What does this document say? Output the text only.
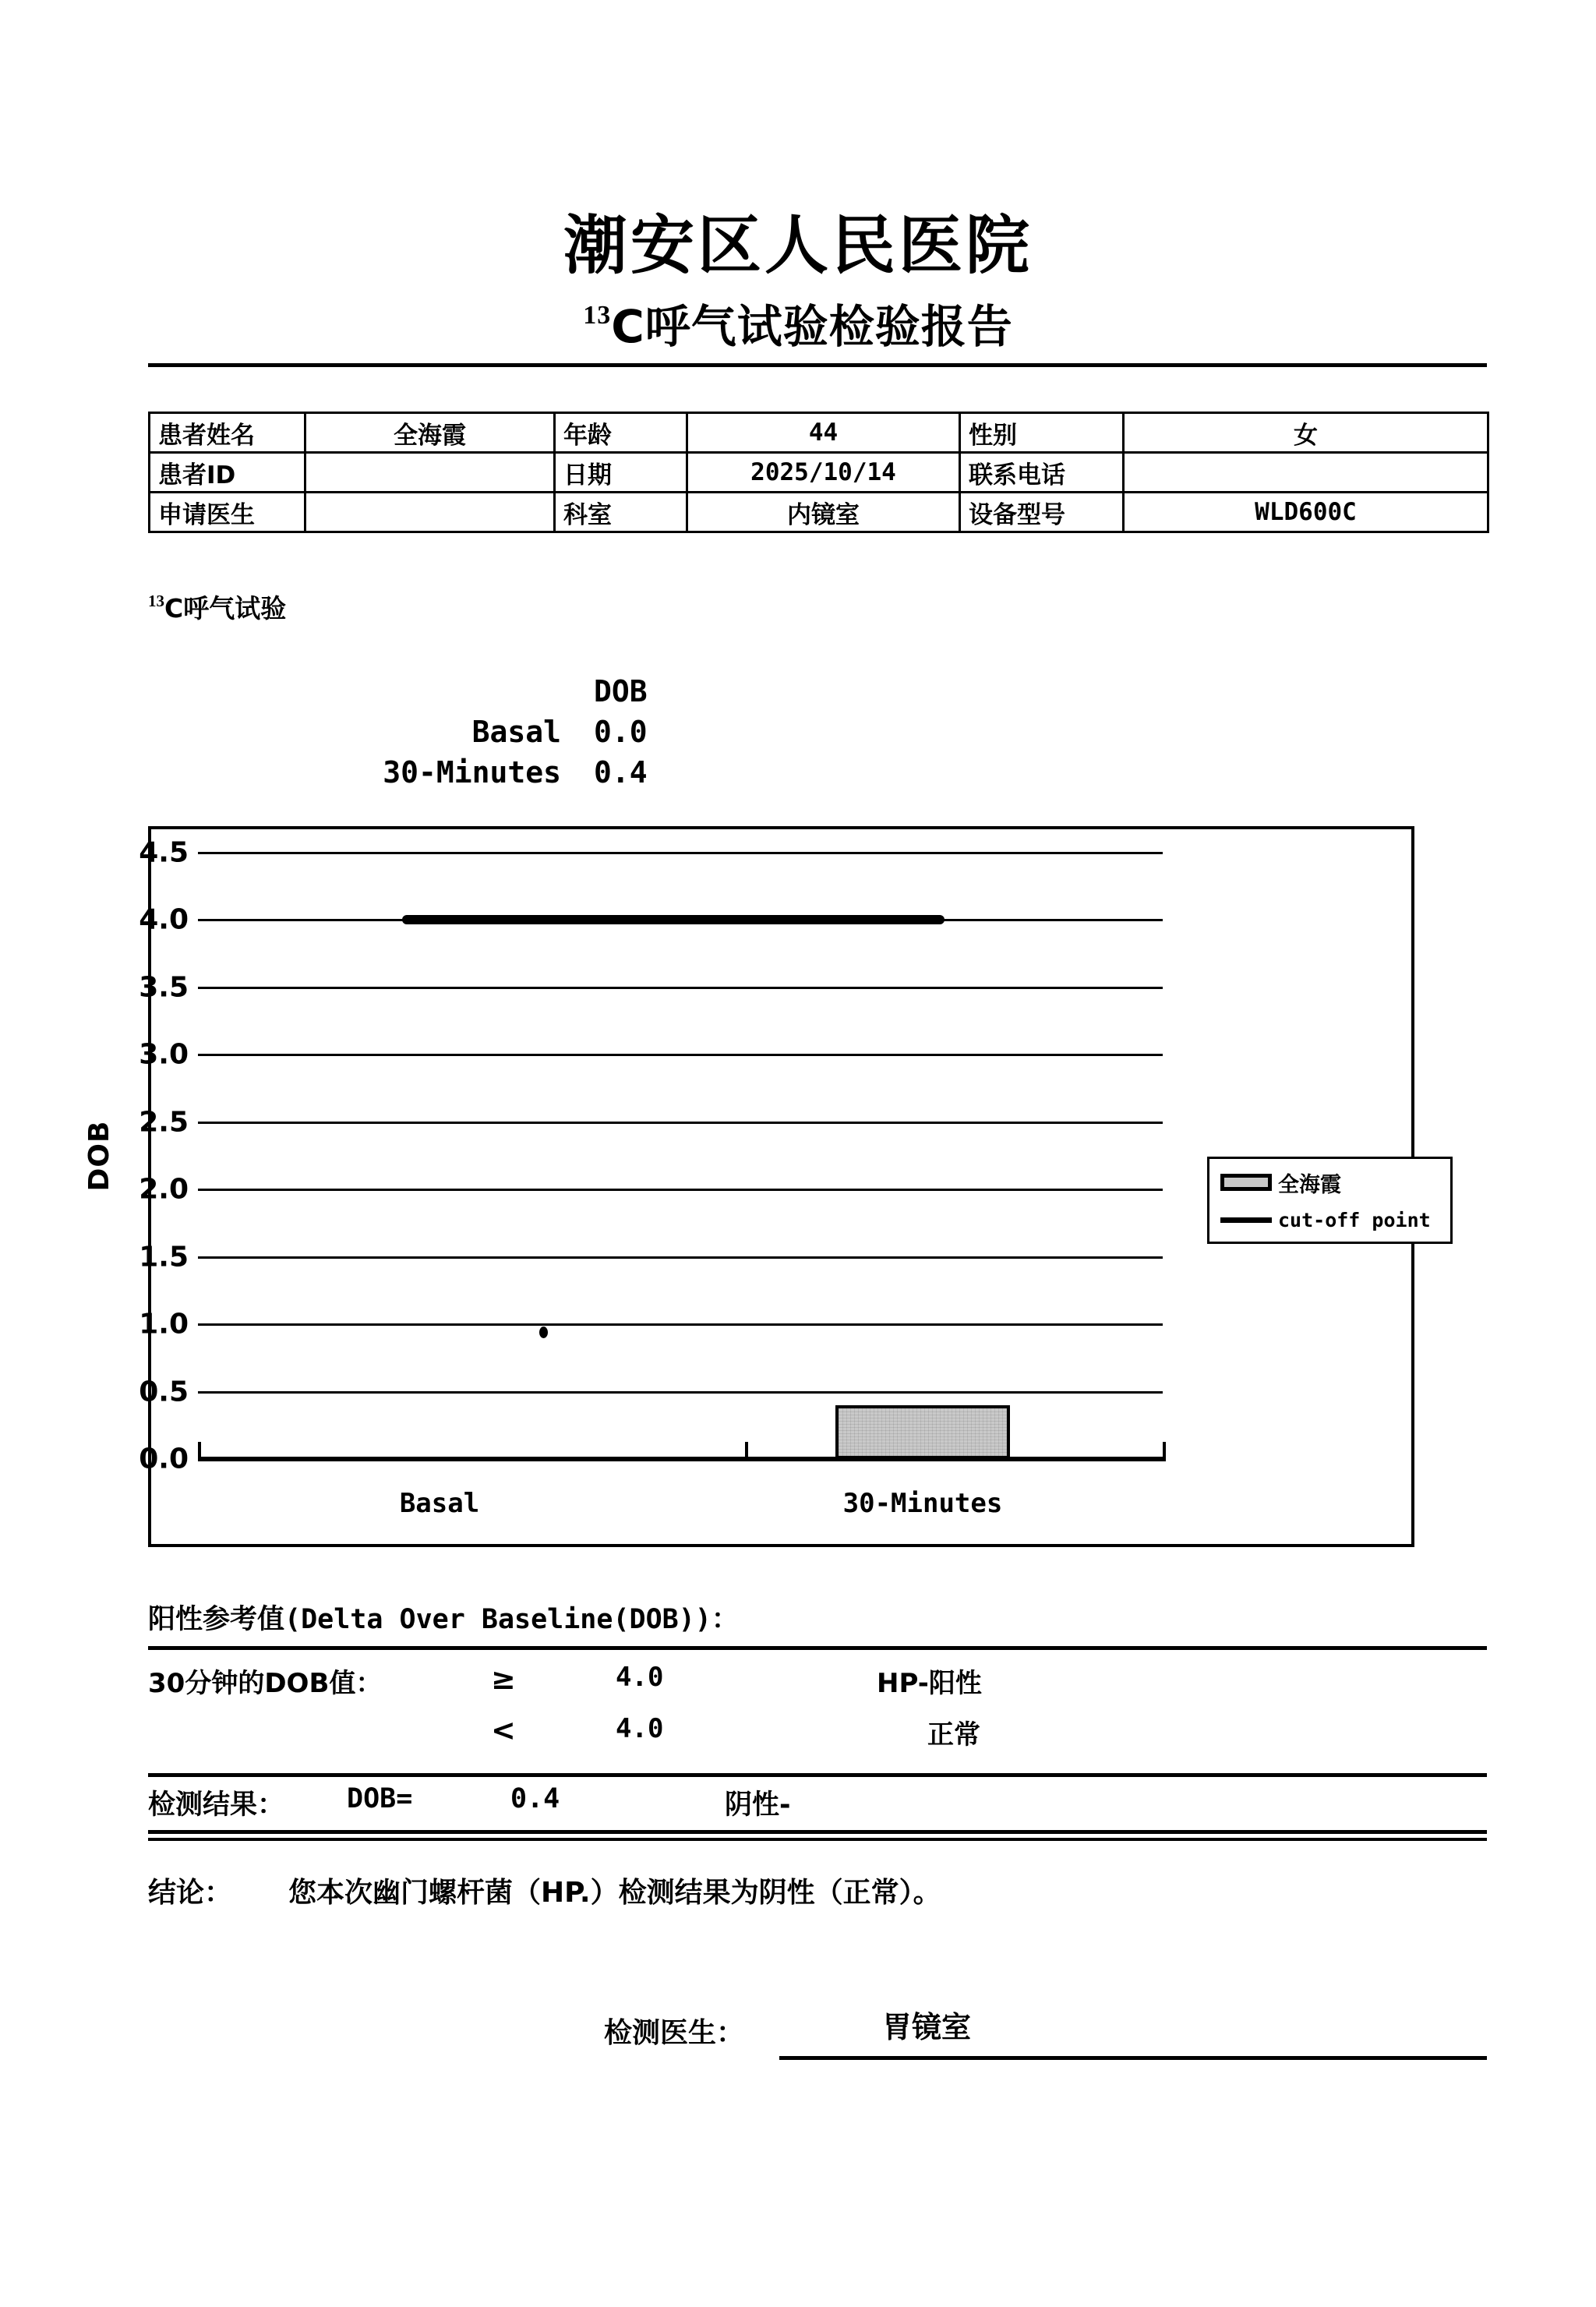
潮安区人民医院
$^{13}$C呼气试验检验报告
患者姓名	全海霞	年龄	44	性别	女
患者ID		日期	2025/10/14	联系电话	
申请医生		科室	内镜室	设备型号	WLD600C
$^{13}$C呼气试验
DOB
Basal 0.0
30-Minutes 0.4
DOB
4.5
4.0
3.5
3.0
2.5
2.0
1.5
1.0
0.5
0.0
Basal	30-Minutes
全海霞
cut-off point
阳性参考值(Delta Over Baseline(DOB))：
30分钟的DOB值：	≥	4.0	HP-阳性
<	4.0	正常
检测结果： DOB=	0.4	阴性-
结论： 您本次幽门螺杆菌（HP.）检测结果为阴性（正常）。
检测医生：	胃镜室
